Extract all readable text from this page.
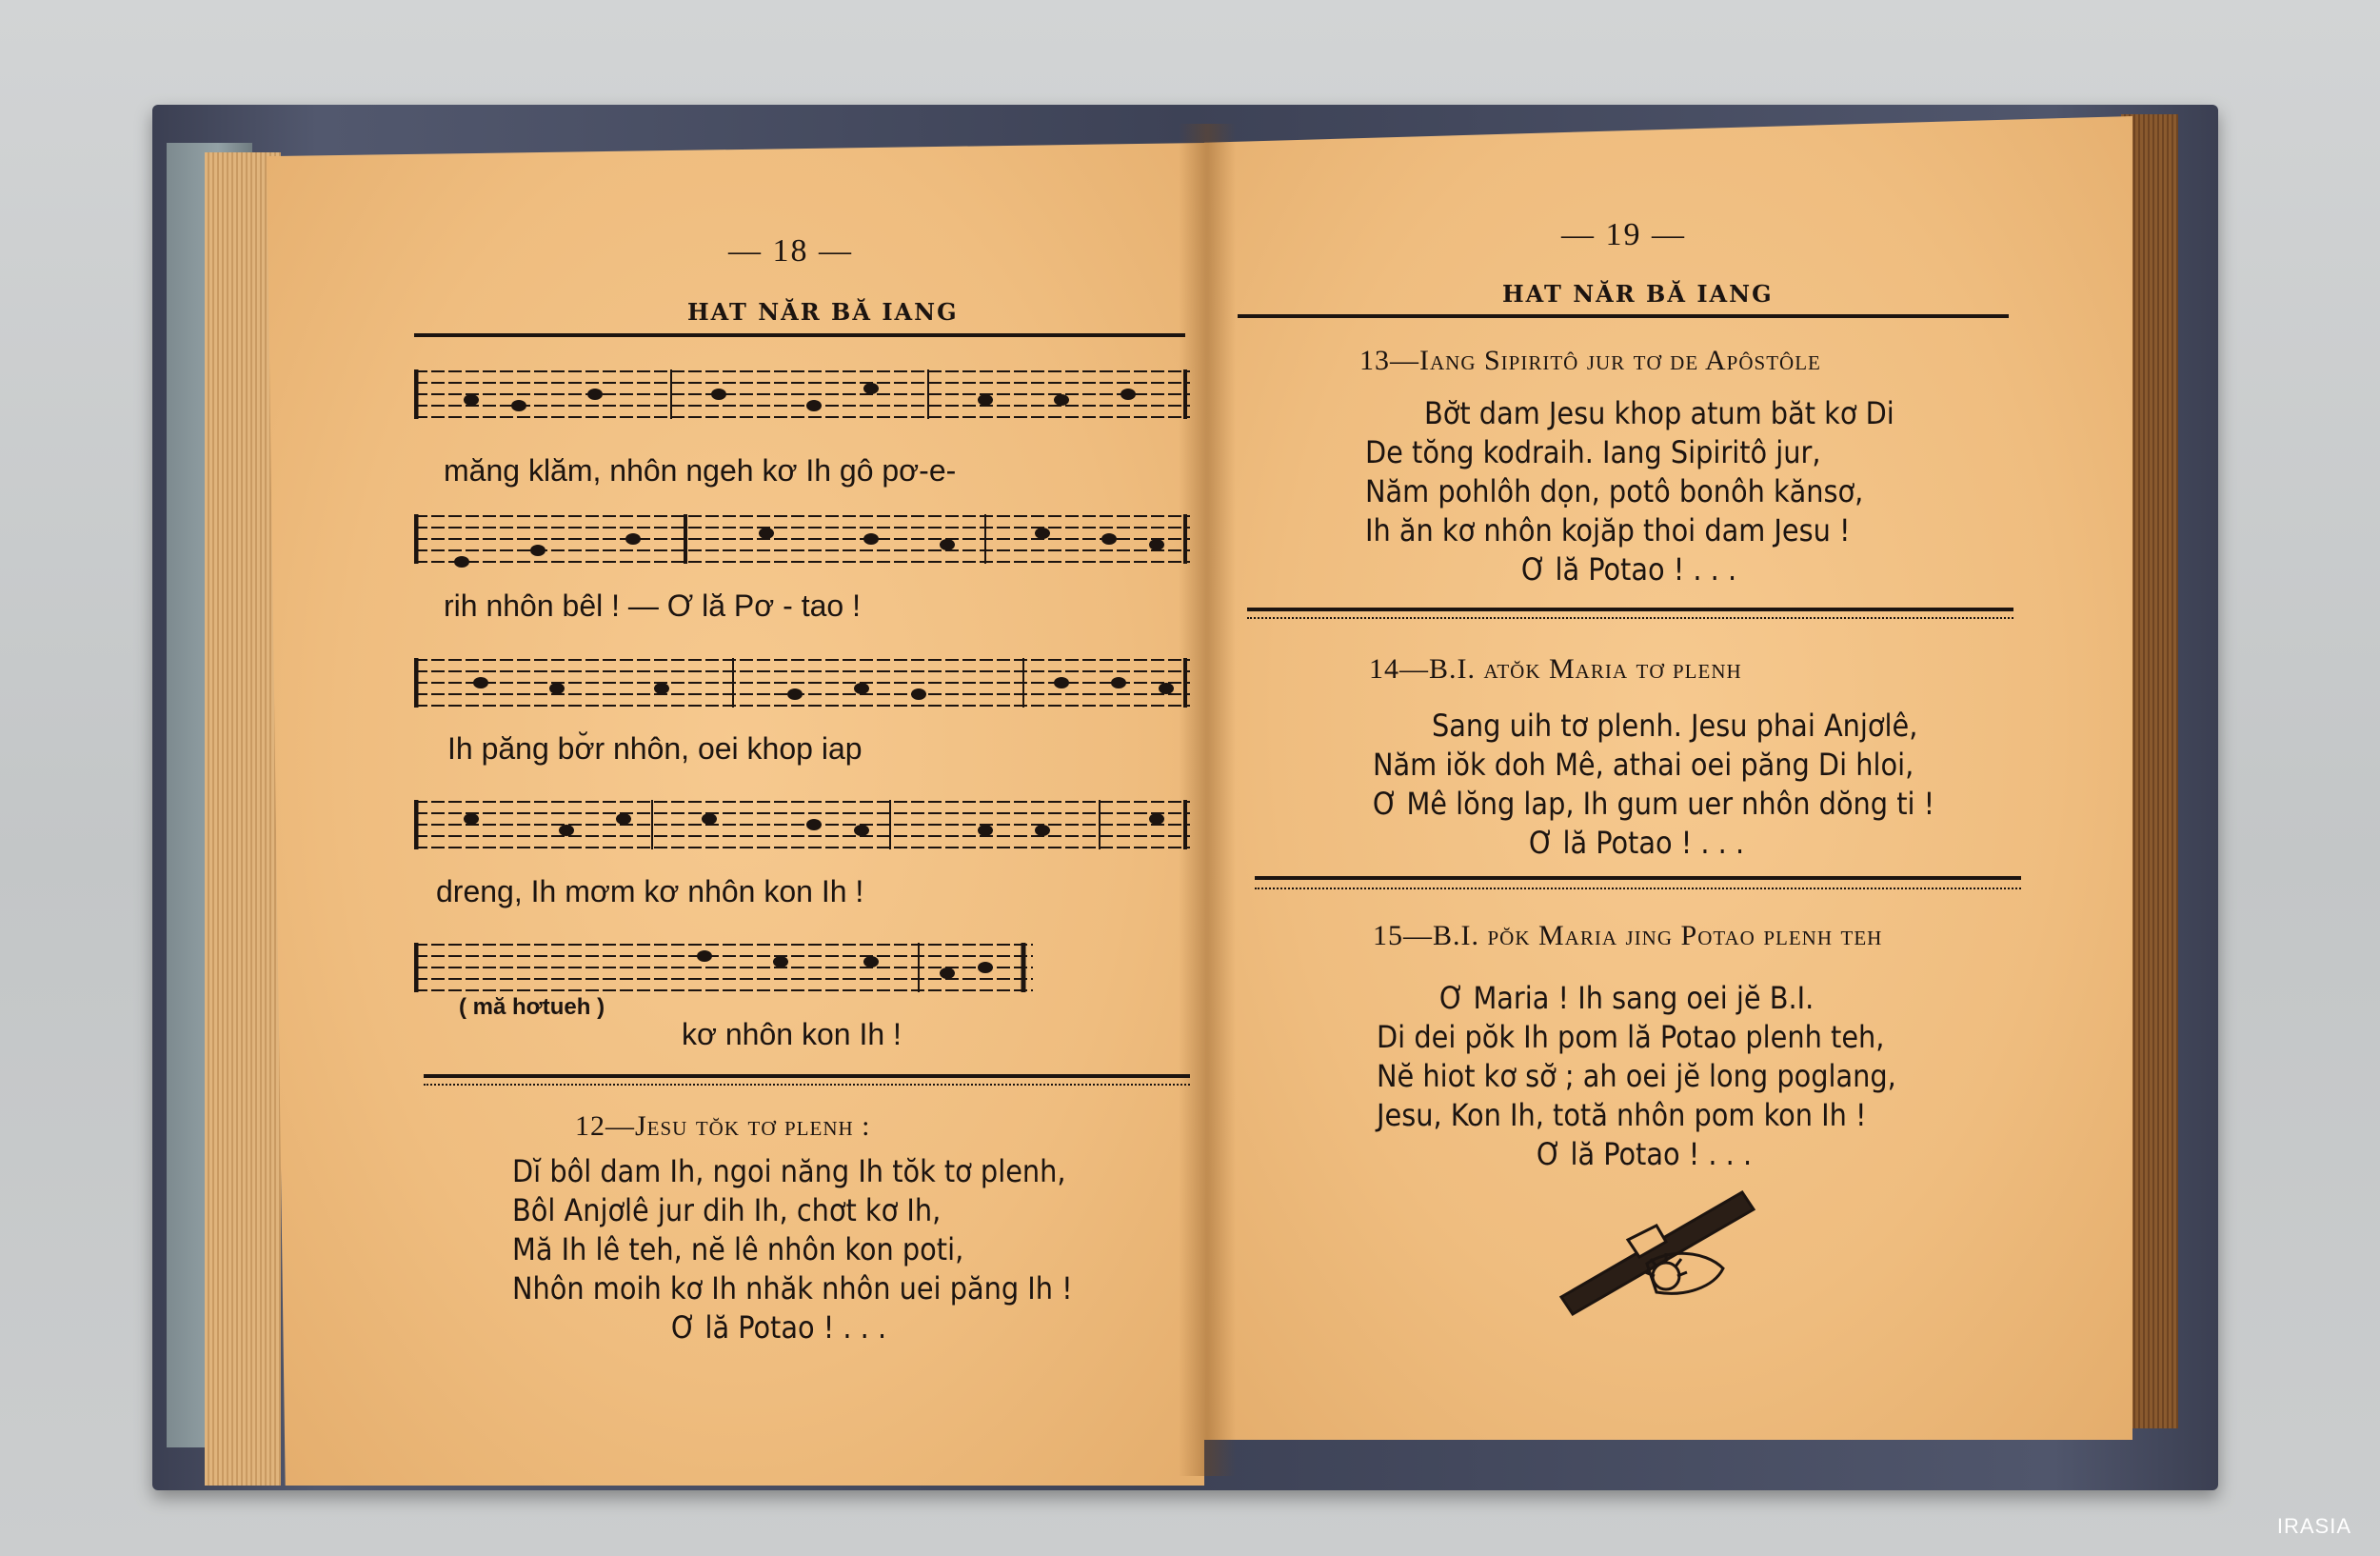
— 18 —
HAT NĂR BĂ IANG
măng klăm, nhôn ngeh kơ Ih gô pơ-e-
rih nhôn bêl ! — Ơ lă Pơ - tao !
Ih păng bơ̆r nhôn, oei khop iap
dreng, Ih mơm kơ nhôn kon Ih !
( mă hơtueh )
kơ nhôn kon Ih !
12—Jesu tŏk tơ plenh :
Dĭ bôl dam Ih, ngoi năng Ih tŏk tơ plenh,
Bôl Anjơlê jur dih Ih, chơt kơ Ih,
Mă Ih lê teh, nĕ lê nhôn kon poti,
Nhôn moih kơ Ih nhăk nhôn uei păng Ih !
Ơ lă Potao ! . . .
— 19 —
HAT NĂR BĂ IANG
13—Iang Sipiritô jur tơ de Apôstôle
Bơ̆t dam Jesu khop atum băt kơ Di
De tŏng kodraih. Iang Sipiritô jur,
Năm pohlôh dọn, potô bonôh kănsơ,
Ih ăn kơ nhôn kojăp thoi dam Jesu !
Ơ lă Potao ! . . .
14—B.I. atŏk Maria tơ plenh
Sang uih tơ plenh. Jesu phai Anjơlê,
Năm iŏk doh Mê, athai oei păng Di hloi,
Ơ Mê lŏng lap, Ih gum uer nhôn dŏng ti !
Ơ lă Potao ! . . .
15—B.I. pŏk Maria jing Potao plenh teh
Ơ Maria ! Ih sang oei jĕ B.I.
Di dei pŏk Ih pom lă Potao plenh teh,
Nĕ hiot kơ sơ̆ ; ah oei jĕ long poglang,
Jesu, Kon Ih, totă nhôn pom kon Ih !
Ơ lă Potao ! . . .
IRASIA
